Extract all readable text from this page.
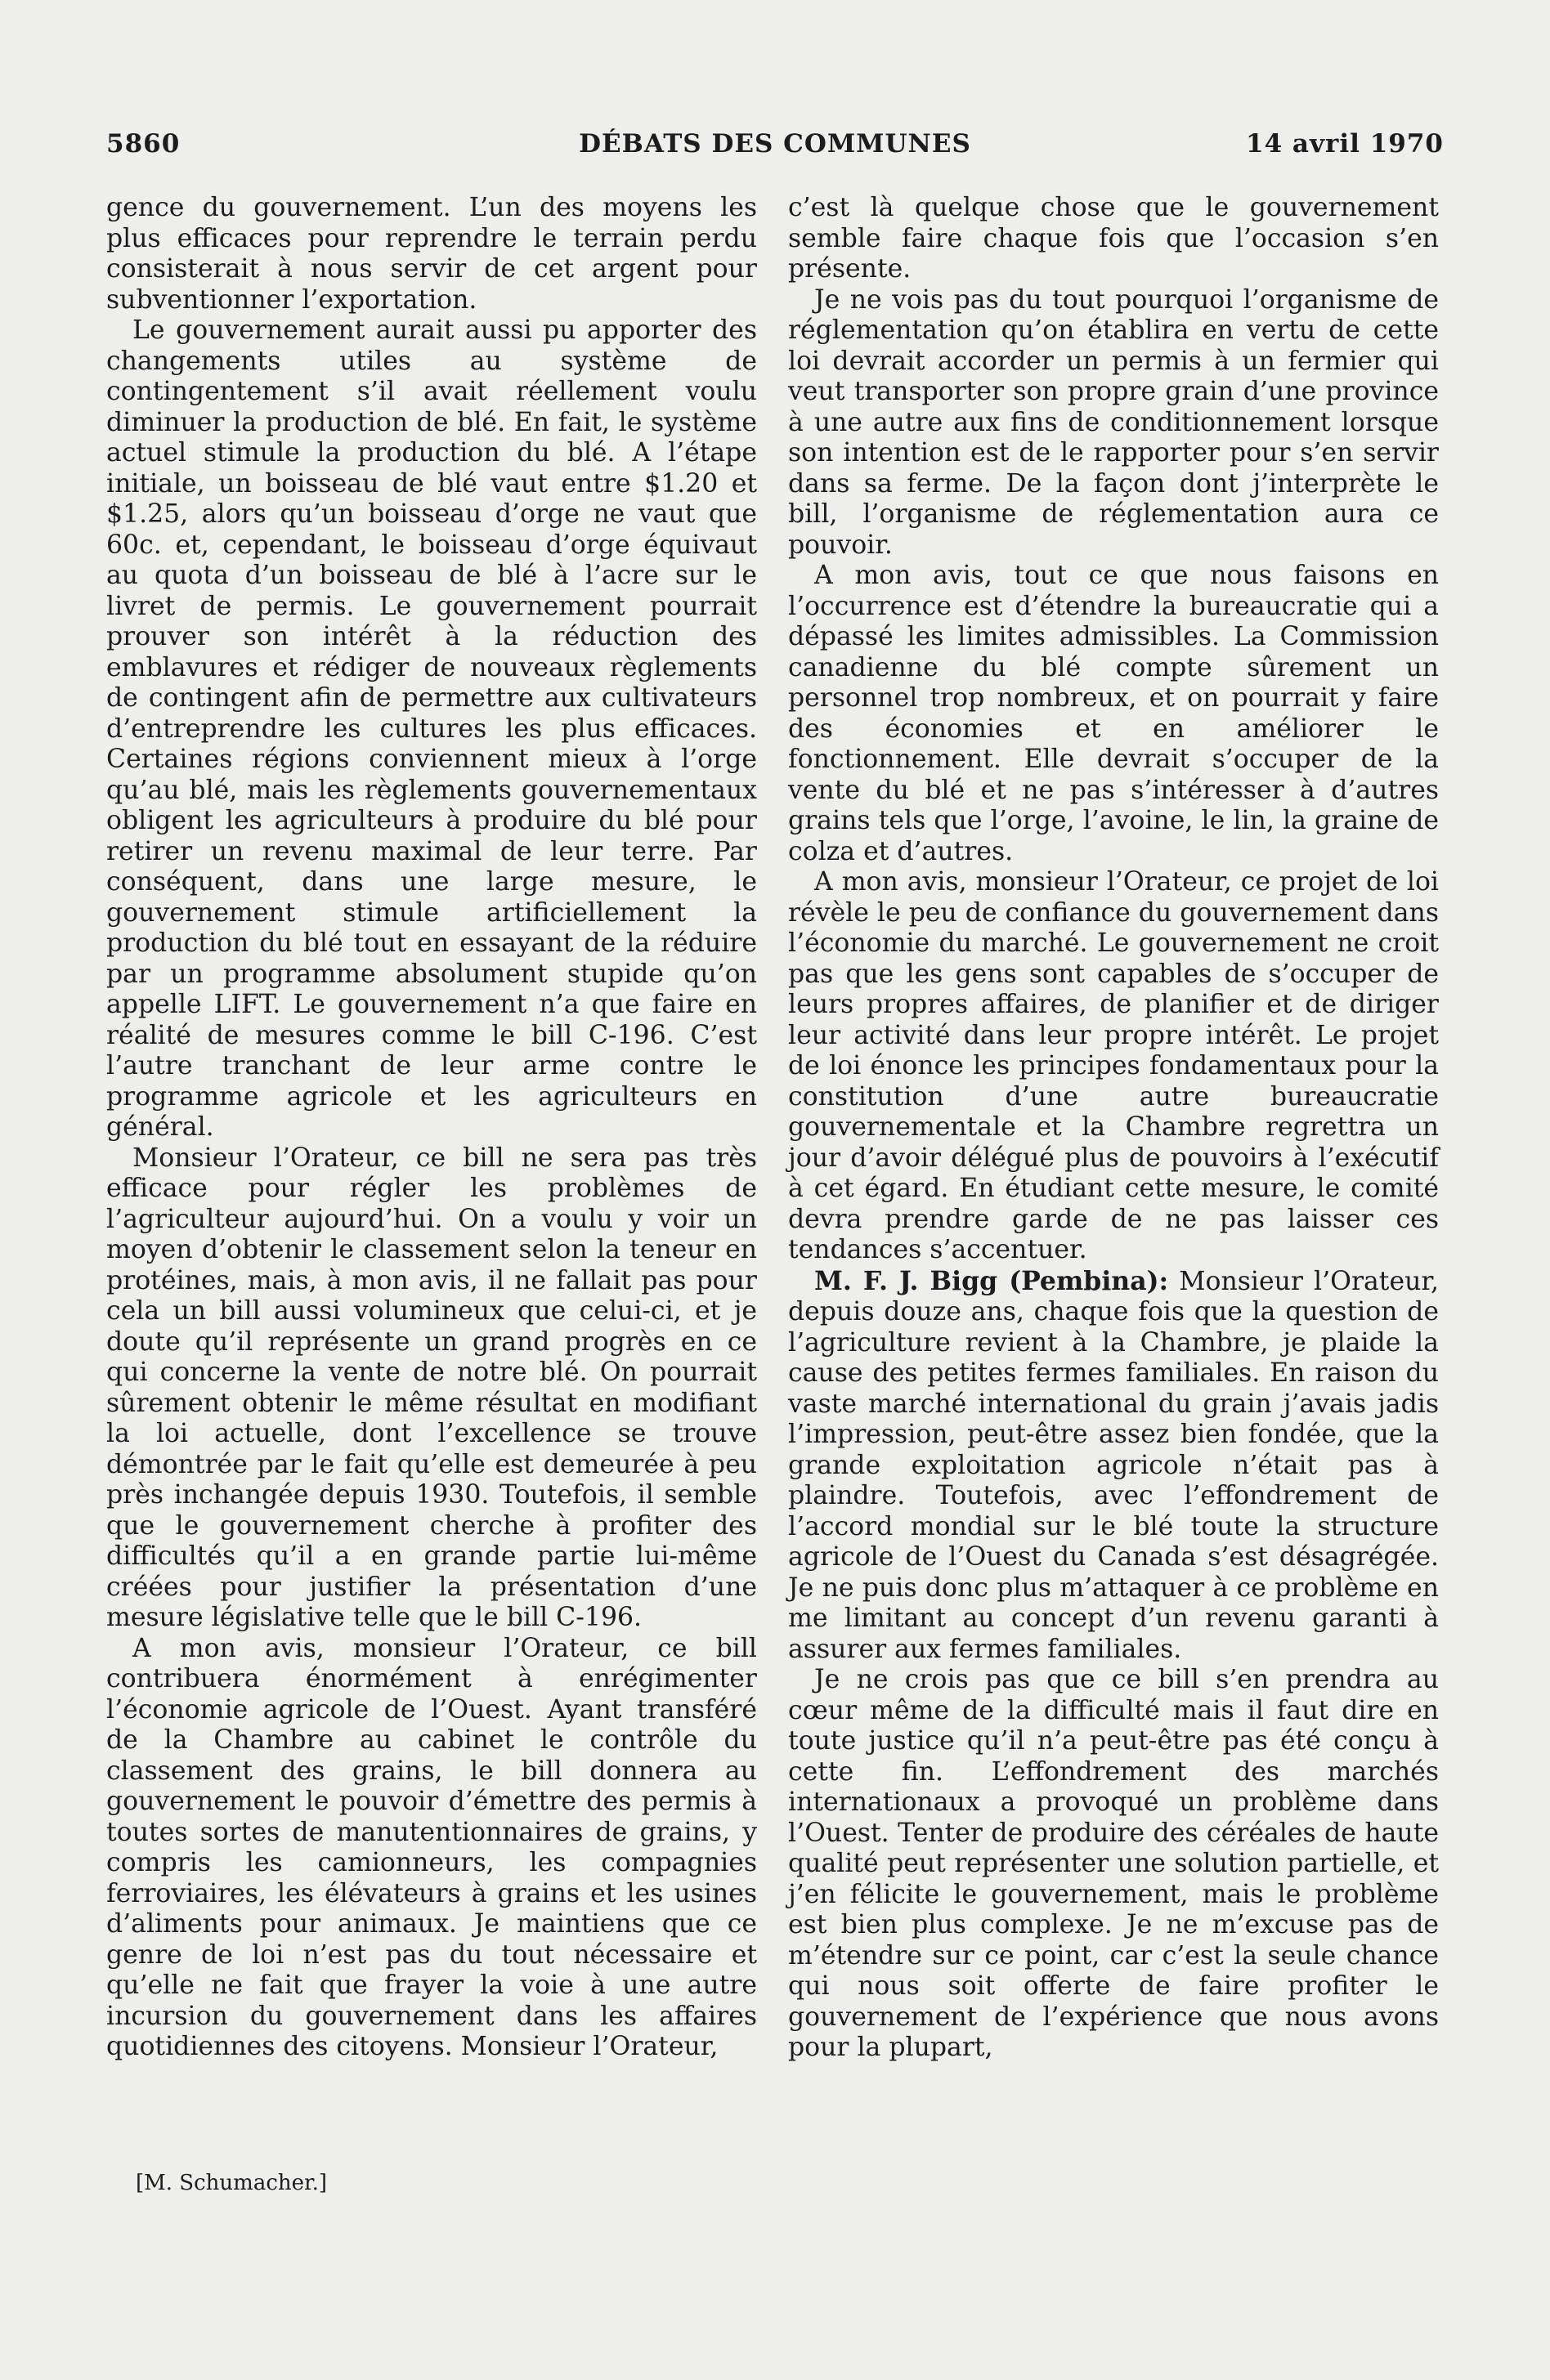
DÉBATS DES COMMUNES
5860	14 avril 1970

gence du gouvernement. L’un des moyens les plus efficaces pour reprendre le terrain perdu consisterait à nous servir de cet argent pour subventionner l’exportation.

Le gouvernement aurait aussi pu apporter des changements utiles au système de contingentement s’il avait réellement voulu diminuer la production de blé. En fait, le système actuel stimule la production du blé. A l’étape initiale, un boisseau de blé vaut entre $1.20 et $1.25, alors qu’un boisseau d’orge ne vaut que 60c. et, cependant, le boisseau d’orge équivaut au quota d’un boisseau de blé à l’acre sur le livret de permis. Le gouvernement pourrait prouver son intérêt à la réduction des emblavures et rédiger de nouveaux règlements de contingent afin de permettre aux cultivateurs d’entreprendre les cultures les plus efficaces. Certaines régions conviennent mieux à l’orge qu’au blé, mais les règlements gouvernementaux obligent les agriculteurs à produire du blé pour retirer un revenu maximal de leur terre. Par conséquent, dans une large mesure, le gouvernement stimule artificiellement la production du blé tout en essayant de la réduire par un programme absolument stupide qu’on appelle LIFT. Le gouvernement n’a que faire en réalité de mesures comme le bill C-196. C’est l’autre tranchant de leur arme contre le programme agricole et les agriculteurs en général.

Monsieur l’Orateur, ce bill ne sera pas très efficace pour régler les problèmes de l’agriculteur aujourd’hui. On a voulu y voir un moyen d’obtenir le classement selon la teneur en protéines, mais, à mon avis, il ne fallait pas pour cela un bill aussi volumineux que celui-ci, et je doute qu’il représente un grand progrès en ce qui concerne la vente de notre blé. On pourrait sûrement obtenir le même résultat en modifiant la loi actuelle, dont l’excellence se trouve démontrée par le fait qu’elle est demeurée à peu près inchangée depuis 1930. Toutefois, il semble que le gouvernement cherche à profiter des difficultés qu’il a en grande partie lui-même créées pour justifier la présentation d’une mesure législative telle que le bill C-196.

A mon avis, monsieur l’Orateur, ce bill contribuera énormément à enrégimenter l’économie agricole de l’Ouest. Ayant transféré de la Chambre au cabinet le contrôle du classement des grains, le bill donnera au gouvernement le pouvoir d’émettre des permis à toutes sortes de manutentionnaires de grains, y compris les camionneurs, les compagnies ferroviaires, les élévateurs à grains et les usines d’aliments pour animaux. Je maintiens que ce genre de loi n’est pas du tout nécessaire et qu’elle ne fait que frayer la voie à une autre incursion du gouvernement dans les affaires quotidiennes des citoyens. Monsieur l’Orateur,

[M. Schumacher.]

c’est là quelque chose que le gouvernement semble faire chaque fois que l’occasion s’en présente.

Je ne vois pas du tout pourquoi l’organisme de réglementation qu’on établira en vertu de cette loi devrait accorder un permis à un fermier qui veut transporter son propre grain d’une province à une autre aux fins de conditionnement lorsque son intention est de le rapporter pour s’en servir dans sa ferme. De la façon dont j’interprète le bill, l’organisme de réglementation aura ce pouvoir.

A mon avis, tout ce que nous faisons en l’occurrence est d’étendre la bureaucratie qui a dépassé les limites admissibles. La Commission canadienne du blé compte sûrement un personnel trop nombreux, et on pourrait y faire des économies et en améliorer le fonctionnement. Elle devrait s’occuper de la vente du blé et ne pas s’intéresser à d’autres grains tels que l’orge, l’avoine, le lin, la graine de colza et d’autres.

A mon avis, monsieur l’Orateur, ce projet de loi révèle le peu de confiance du gouvernement dans l’économie du marché. Le gouvernement ne croit pas que les gens sont capables de s’occuper de leurs propres affaires, de planifier et de diriger leur activité dans leur propre intérêt. Le projet de loi énonce les principes fondamentaux pour la constitution d’une autre bureaucratie gouvernementale et la Chambre regrettra un jour d’avoir délégué plus de pouvoirs à l’exécutif à cet égard. En étudiant cette mesure, le comité devra prendre garde de ne pas laisser ces tendances s’accentuer.

M. F. J. Bigg (Pembina): Monsieur l’Orateur, depuis douze ans, chaque fois que la question de l’agriculture revient à la Chambre, je plaide la cause des petites fermes familiales. En raison du vaste marché international du grain j’avais jadis l’impression, peut-être assez bien fondée, que la grande exploitation agricole n’était pas à plaindre. Toutefois, avec l’effondrement de l’accord mondial sur le blé toute la structure agricole de l’Ouest du Canada s’est désagrégée. Je ne puis donc plus m’attaquer à ce problème en me limitant au concept d’un revenu garanti à assurer aux fermes familiales.

Je ne crois pas que ce bill s’en prendra au cœur même de la difficulté mais il faut dire en toute justice qu’il n’a peut-être pas été conçu à cette fin. L’effondrement des marchés internationaux a provoqué un problème dans l’Ouest. Tenter de produire des céréales de haute qualité peut représenter une solution partielle, et j’en félicite le gouvernement, mais le problème est bien plus complexe. Je ne m’excuse pas de m’étendre sur ce point, car c’est la seule chance qui nous soit offerte de faire profiter le gouvernement de l’expérience que nous avons pour la plupart,
